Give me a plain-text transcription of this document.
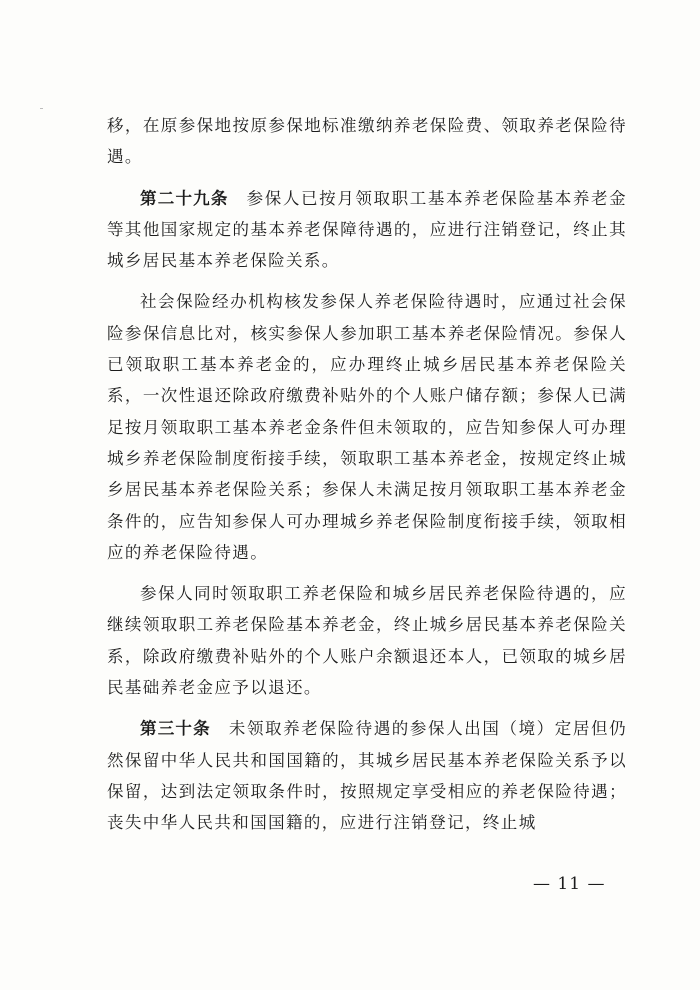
移，在原参保地按原参保地标准缴纳养老保险费、领取养老保险待遇。

第二十九条 参保人已按月领取职工基本养老保险基本养老金等其他国家规定的基本养老保障待遇的，应进行注销登记，终止其城乡居民基本养老保险关系。

社会保险经办机构核发参保人养老保险待遇时，应通过社会保险参保信息比对，核实参保人参加职工基本养老保险情况。参保人已领取职工基本养老金的，应办理终止城乡居民基本养老保险关系，一次性退还除政府缴费补贴外的个人账户储存额；参保人已满足按月领取职工基本养老金条件但未领取的，应告知参保人可办理城乡养老保险制度衔接手续，领取职工基本养老金，按规定终止城乡居民基本养老保险关系；参保人未满足按月领取职工基本养老金条件的，应告知参保人可办理城乡养老保险制度衔接手续，领取相应的养老保险待遇。

参保人同时领取职工养老保险和城乡居民养老保险待遇的，应继续领取职工养老保险基本养老金，终止城乡居民基本养老保险关系，除政府缴费补贴外的个人账户余额退还本人，已领取的城乡居民基础养老金应予以退还。

第三十条 未领取养老保险待遇的参保人出国（境）定居但仍然保留中华人民共和国国籍的，其城乡居民基本养老保险关系予以保留，达到法定领取条件时，按照规定享受相应的养老保险待遇；丧失中华人民共和国国籍的，应进行注销登记，终止城

— 11 —
